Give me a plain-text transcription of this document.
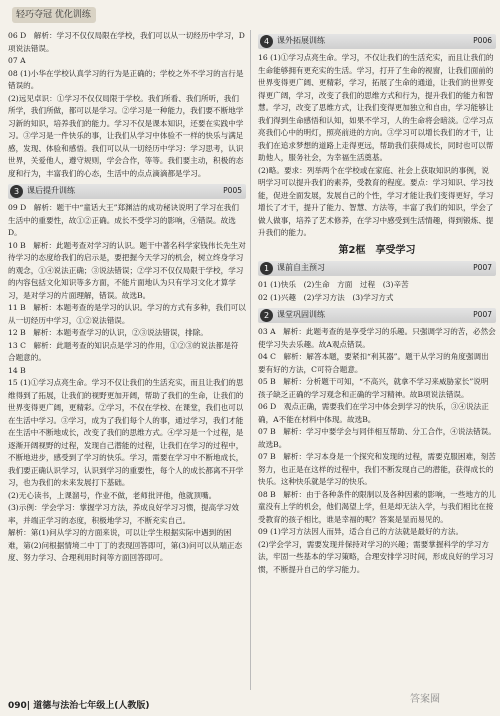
轻巧夺冠 优化训练

06 D　解析：学习不仅仅局限在学校，我们可以从一切经历中学习，D项说法错误。

07 A

08 (1)小华在学校认真学习的行为是正确的；学校之外不学习的言行是错误的。

(2)远见卓识：①学习不仅仅局限于学校。我们所看、我们所听，我们所学，我们所做，都可以是学习。②学习是一种能力，我们要不断地学习新的知识，培养我们的能力。学习不仅是课本知识，还要在实践中学习。③学习是一件快乐的事，让我们从学习中体验不一样的快乐与满足感，发现、体验和感悟。我们可以从一切经历中学习：学习思考，认识世界，关爱他人，遵守规则，学会合作，等等。我们要主动，积极的态度和行为，丰富我们的心态，生活中的点点滴滴都是学习。

3 课后提升训练	P005

09 D　解析：题干中“童话大王”郑渊洁的成功秘诀说明了学习在我们生活中的重要性，故①②正确。成长不受学习的影响，④错误。故选D。

10 B　解析：此题考查对学习的认识。题干中著名科学家钱伟长先生对待学习的态度给我们的启示是，要把握今天学习的机会，树立终身学习的观念，①④说法正确；③说法错误；②学习不仅仅局限于学校，学习的内容包括文化知识等多方面，不能片面地认为只有学习文化才算学习，是对学习的片面理解，错误。故选B。

11 B　解析：本题考查的是学习的认识。学习的方式有多种，我们可以从一切经历中学习，①②说法错误。

12 B　解析：本题考查学习的认识，②③说法错误，排除。

13 C　解析：此题考查的知识点是学习的作用，①②③的说法都是符合题意的。

14 B

15 (1)①学习点亮生命。学习不仅让我们的生活充实，而且让我们的思维得到了拓展，让我们的视野更加开阔，帮助了我们的生命，让我们的世界变得更广阔，更精彩。②学习，不仅在学校、在课堂，我们也可以在生活中学习。③学习，成为了我们每个人的事，通过学习，我们才能在生活中不断地成长，改变了我们的思维方式。④学习是一个过程，是逐渐开阔视野的过程，发现自己潜能的过程，让我们在学习的过程中，不断地进步，感受到了学习的快乐。学习，需要在学习中不断地成长，我们要正确认识学习，认识到学习的重要性，每个人的成长都离不开学习，也为我们的未来发展打下基础。

(2)无心读书，上课溜号，作业不做，老师批评他，他就顶嘴。

(3)示例：学会学习：掌握学习方法，养成良好学习习惯，提高学习效率，并端正学习的态度，积极地学习，不断充实自己。

解析：第(1)问从学习的方面来说，可以让学生根据实际中遇到的困难，第(2)问根据情境二中丁丁的表现回答即可，第(3)问可以从端正态度、努力学习、合理利用时间等方面回答即可。

4 课外拓展训练	P006

16 (1)①学习点亮生命。学习，不仅让我们的生活充实，而且让我们的生命能够拥有更充实的生活。学习，打开了生命的视窗，让我们面前的世界变得更广阔、更精彩，学习，拓展了生命的通道，让我们的世界变得更广阔，学习，改变了我们的思维方式和行为，提升我们的能力和智慧。学习，改变了思维方式，让我们变得更加独立和自由，学习能够让我们得到生命感悟和认知，如果不学习，人的生命将会暗淡。②学习点亮我们心中的明灯，照亮前进的方向。③学习可以增长我们的才干，让我们在追求梦想的道路上走得更远，帮助我们获得成长，同时也可以帮助他人，服务社会，为幸福生活奠基。

(2)略。要求：列举两个在学校或在家庭、社会上获取知识的事例，说明学习可以提升我们的素养，受教育的程度。要点：学习知识、学习技能，促进全面发展，发展自己的个性，学习才能让我们变得更好，学习增长了才干，提升了能力、智慧、方法等，丰富了我们的知识，学会了做人做事，培养了艺术修养，在学习中感受到生活情趣，得到锻炼、提升我们的能力。

第2框　享受学习
1 课前自主预习	P007

01 (1)快乐　(2)生命　方面　过程　(3)辛苦

02 (1)兴趣　(2)学习方法　(3)学习方式

2 课堂巩固训练	P007

03 A　解析：此题考查的是享受学习的乐趣。只强调学习的苦，必然会使学习失去乐趣。故A观点错误。

04 C　解析：解答本题，要紧扣“利其器”。题干从学习的角度强调出要有好的方法，C可符合题意。

05 B　解析：分析题干可知，“不高兴，就拿不学习来威胁家长”说明孩子缺乏正确的学习观念和正确的学习精神。故B项说法错误。

06 D　观点正确，需要我们在学习中体会到学习的快乐，③④说法正确，A不能在材料中体现。故选B。

07 B　解析：学习中要学会与同伴相互帮助、分工合作，④说法错误。故选B。

07 B　解析：学习本身是一个探究和发现的过程，需要克服困难，刻苦努力，也正是在这样的过程中，我们不断发现自己的潜能，获得成长的快乐。这种快乐就是学习的快乐。

08 B　解析：由于各种条件的限制以及各种因素的影响，一些地方的儿童没有上学的机会，他们渴望上学，但是却无法入学，与我们相比在接受教育的孩子相比，谁是幸福的呢？答案是显而易见的。

09 (1)学习方法因人而异，适合自己的方法就是最好的方法。

(2)学会学习，需要发现并保持对学习的兴趣；需要掌握科学的学习方法，牢固一些基本的学习策略，合理安排学习时间，形成良好的学习习惯，不断提升自己的学习能力。

090| 道德与法治七年级上(人教版)
答案圈
